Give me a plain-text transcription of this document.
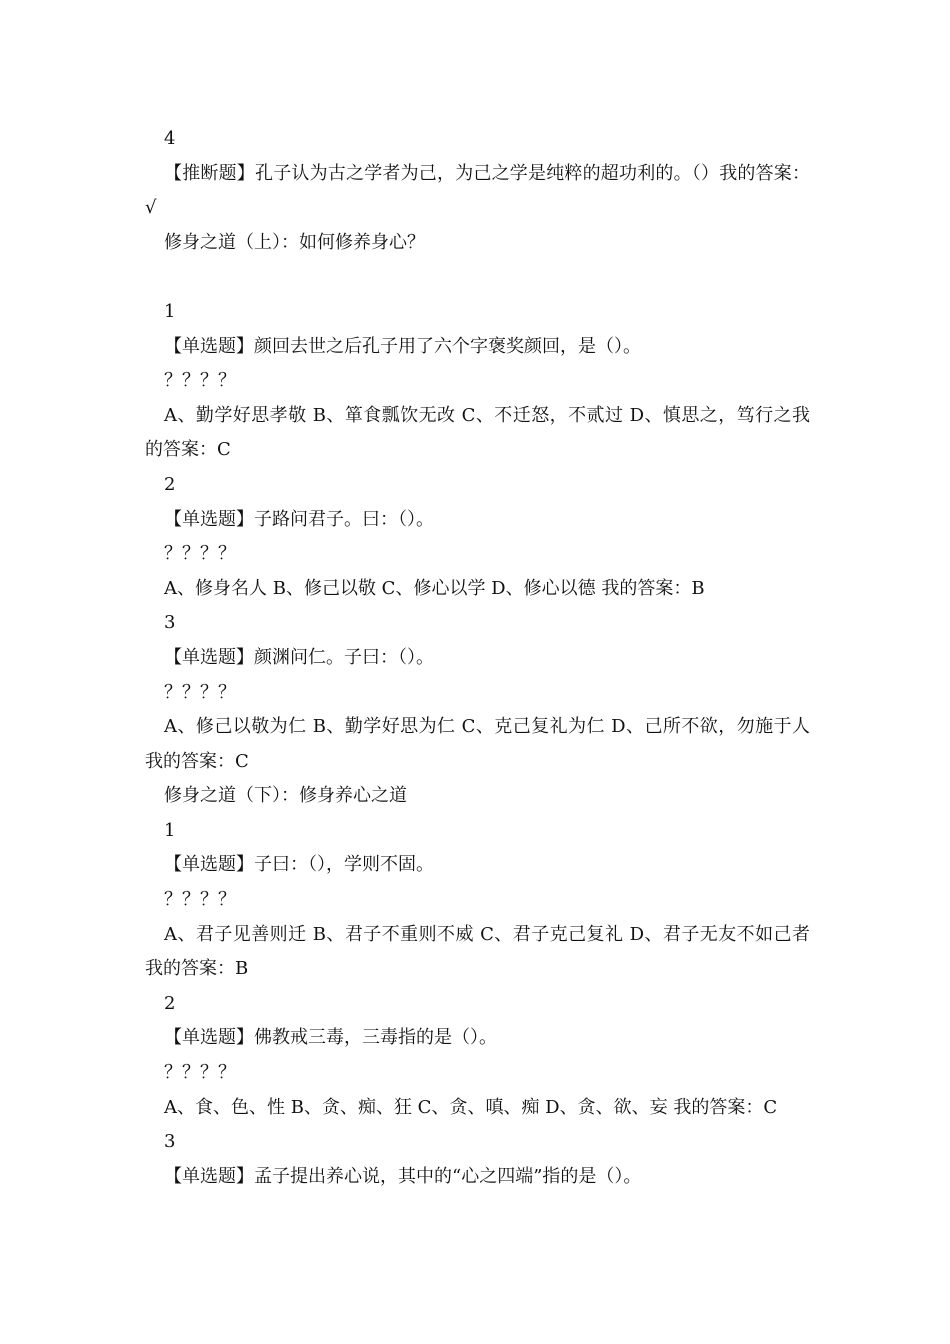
4
【推断题】孔子认为古之学者为己，为己之学是纯粹的超功利的。（）我的答案：√
修身之道（上）：如何修养身心？
1
【单选题】颜回去世之后孔子用了六个字褒奖颜回，是（）。
？？？？
A、勤学好思孝敬 B、箪食瓢饮无改 C、不迁怒，不贰过 D、慎思之，笃行之我的答案：C
2
【单选题】子路问君子。曰：（）。
？？？？
A、修身名人 B、修己以敬 C、修心以学 D、修心以德 我的答案：B
3
【单选题】颜渊问仁。子曰：（）。
？？？？
A、修己以敬为仁 B、勤学好思为仁 C、克己复礼为仁 D、己所不欲，勿施于人 我的答案：C
修身之道（下）：修身养心之道
1
【单选题】子曰：（），学则不固。
？？？？
A、君子见善则迁 B、君子不重则不威 C、君子克己复礼 D、君子无友不如己者 我的答案：B
2
【单选题】佛教戒三毒，三毒指的是（）。
？？？？
A、食、色、性 B、贪、痴、狂 C、贪、嗔、痴 D、贪、欲、妄 我的答案：C
3
【单选题】孟子提出养心说，其中的“心之四端”指的是（）。
